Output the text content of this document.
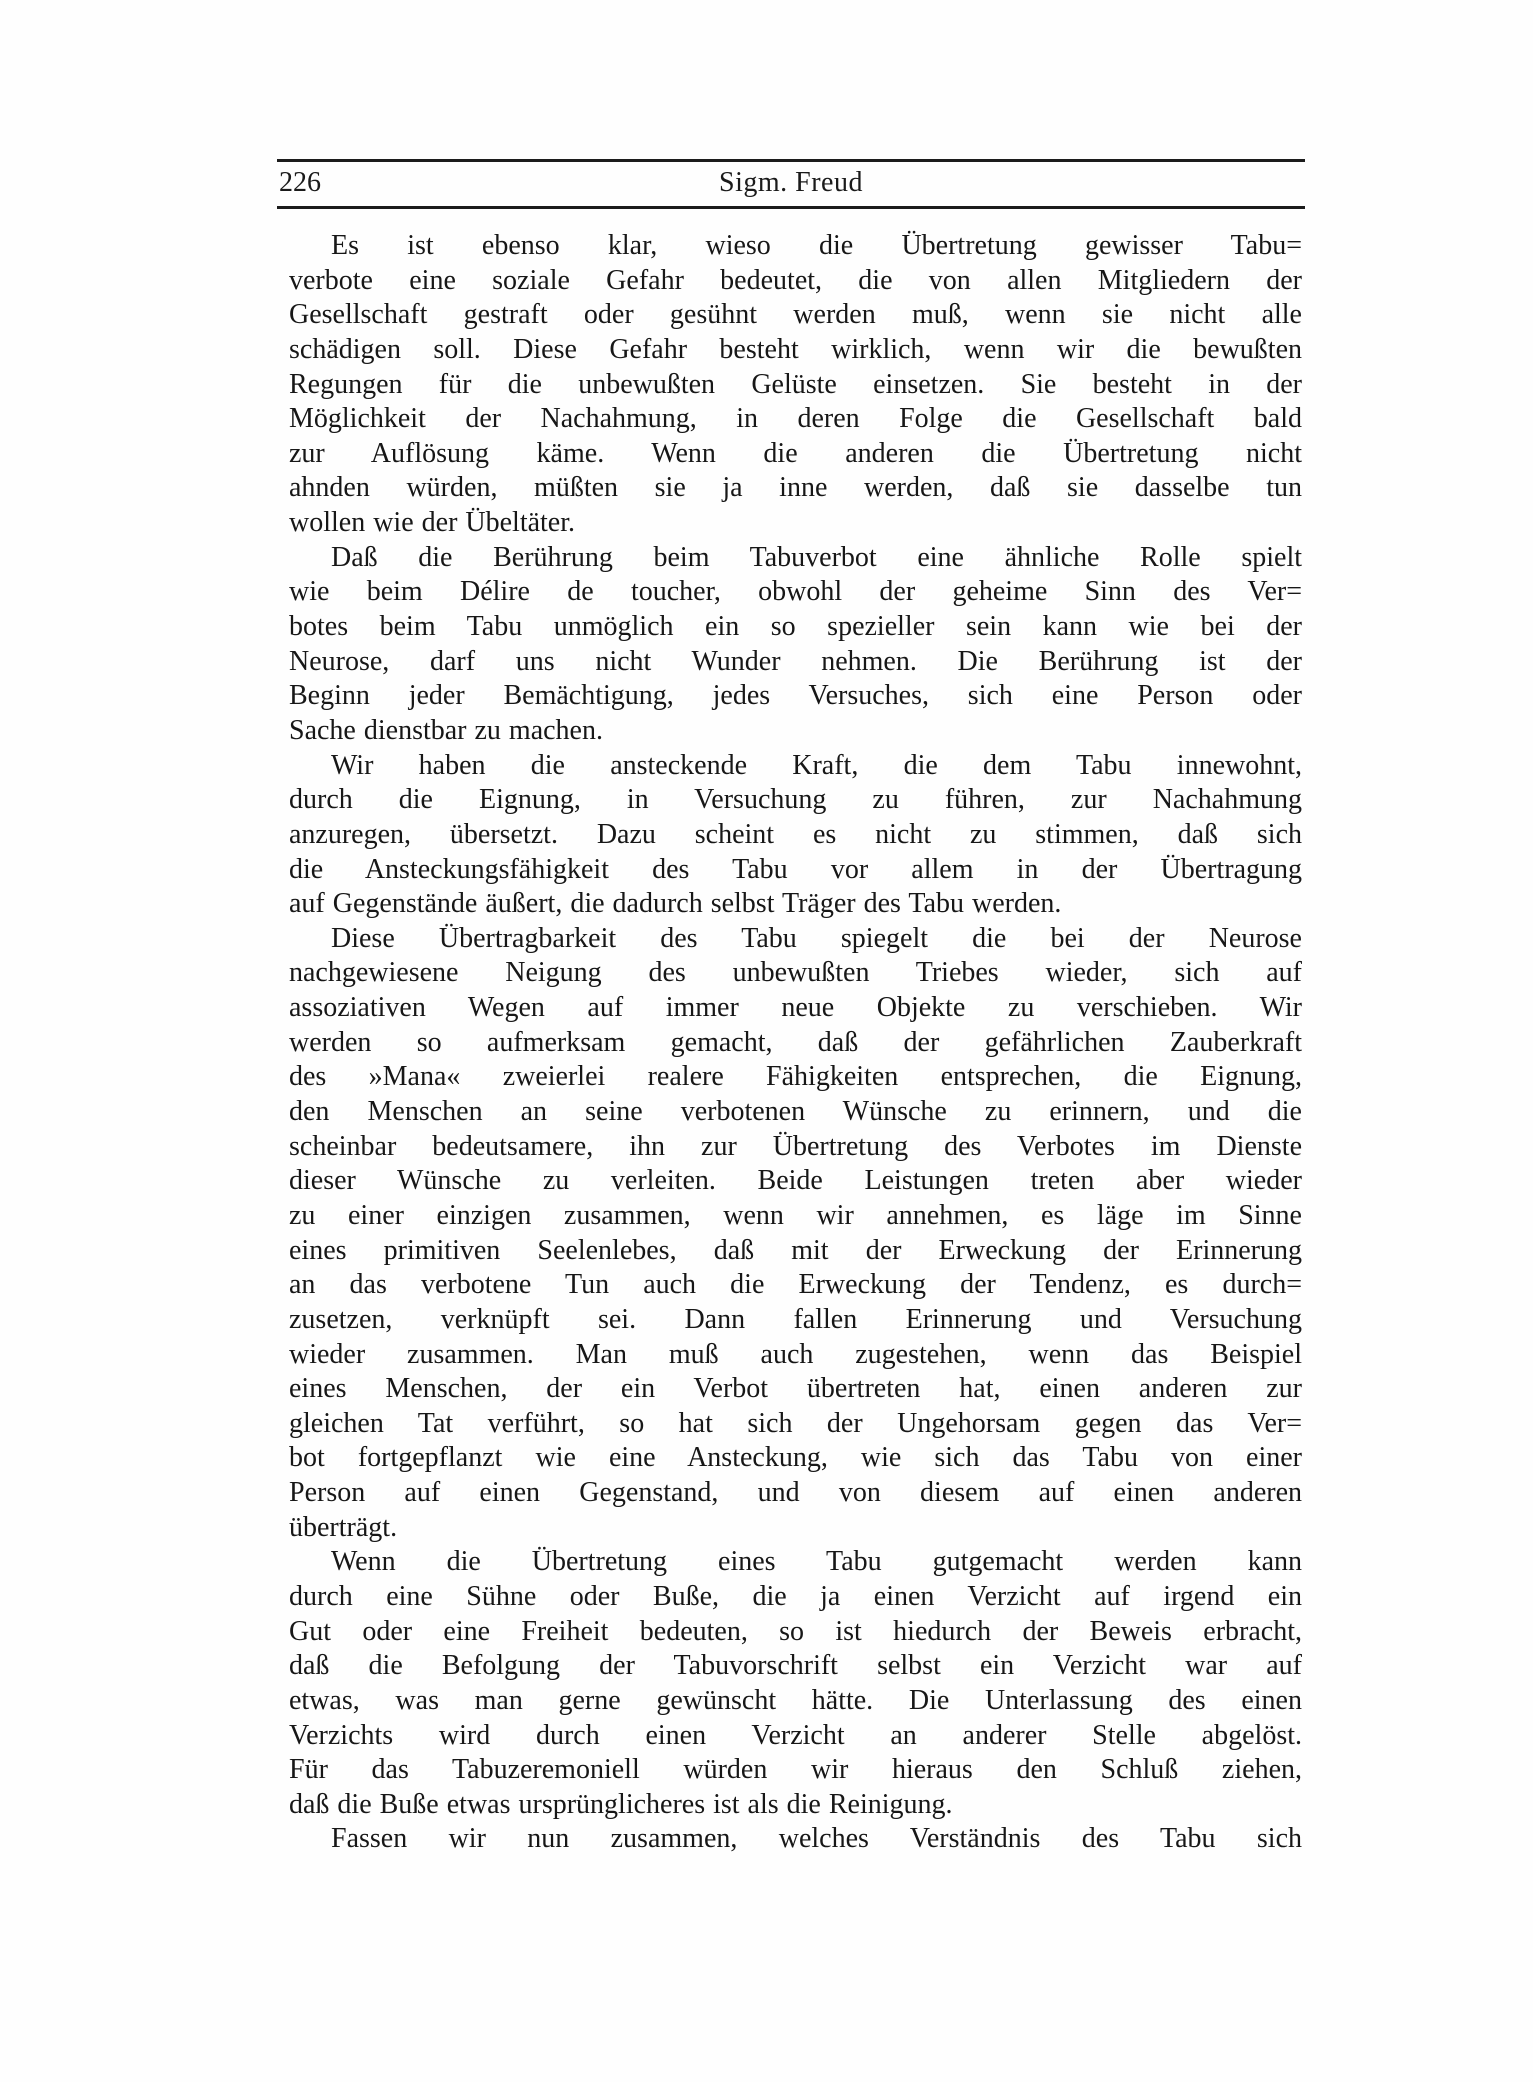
226	Sigm. Freud
Es ist ebenso klar, wieso die Übertretung gewisser Tabu=
verbote eine soziale Gefahr bedeutet, die von allen Mitgliedern der
Gesellschaft gestraft oder gesühnt werden muß, wenn sie nicht alle
schädigen soll. Diese Gefahr besteht wirklich, wenn wir die bewußten
Regungen für die unbewußten Gelüste einsetzen. Sie besteht in der
Möglichkeit der Nachahmung, in deren Folge die Gesellschaft bald
zur Auflösung käme. Wenn die anderen die Übertretung nicht
ahnden würden, müßten sie ja inne werden, daß sie dasselbe tun
wollen wie der Übeltäter.
Daß die Berührung beim Tabuverbot eine ähnliche Rolle spielt
wie beim Délire de toucher, obwohl der geheime Sinn des Ver=
botes beim Tabu unmöglich ein so spezieller sein kann wie bei der
Neurose, darf uns nicht Wunder nehmen. Die Berührung ist der
Beginn jeder Bemächtigung, jedes Versuches, sich eine Person oder
Sache dienstbar zu machen.
Wir haben die ansteckende Kraft, die dem Tabu innewohnt,
durch die Eignung, in Versuchung zu führen, zur Nachahmung
anzuregen, übersetzt. Dazu scheint es nicht zu stimmen, daß sich
die Ansteckungsfähigkeit des Tabu vor allem in der Übertragung
auf Gegenstände äußert, die dadurch selbst Träger des Tabu werden.
Diese Übertragbarkeit des Tabu spiegelt die bei der Neurose
nachgewiesene Neigung des unbewußten Triebes wieder, sich auf
assoziativen Wegen auf immer neue Objekte zu verschieben. Wir
werden so aufmerksam gemacht, daß der gefährlichen Zauberkraft
des »Mana« zweierlei realere Fähigkeiten entsprechen, die Eignung,
den Menschen an seine verbotenen Wünsche zu erinnern, und die
scheinbar bedeutsamere, ihn zur Übertretung des Verbotes im Dienste
dieser Wünsche zu verleiten. Beide Leistungen treten aber wieder
zu einer einzigen zusammen, wenn wir annehmen, es läge im Sinne
eines primitiven Seelenlebes, daß mit der Erweckung der Erinnerung
an das verbotene Tun auch die Erweckung der Tendenz, es durch=
zusetzen, verknüpft sei. Dann fallen Erinnerung und Versuchung
wieder zusammen. Man muß auch zugestehen, wenn das Beispiel
eines Menschen, der ein Verbot übertreten hat, einen anderen zur
gleichen Tat verführt, so hat sich der Ungehorsam gegen das Ver=
bot fortgepflanzt wie eine Ansteckung, wie sich das Tabu von einer
Person auf einen Gegenstand, und von diesem auf einen anderen
überträgt.
Wenn die Übertretung eines Tabu gutgemacht werden kann
durch eine Sühne oder Buße, die ja einen Verzicht auf irgend ein
Gut oder eine Freiheit bedeuten, so ist hiedurch der Beweis erbracht,
daß die Befolgung der Tabuvorschrift selbst ein Verzicht war auf
etwas, was man gerne gewünscht hätte. Die Unterlassung des einen
Verzichts wird durch einen Verzicht an anderer Stelle abgelöst.
Für das Tabuzeremoniell würden wir hieraus den Schluß ziehen,
daß die Buße etwas ursprünglicheres ist als die Reinigung.
Fassen wir nun zusammen, welches Verständnis des Tabu sich
